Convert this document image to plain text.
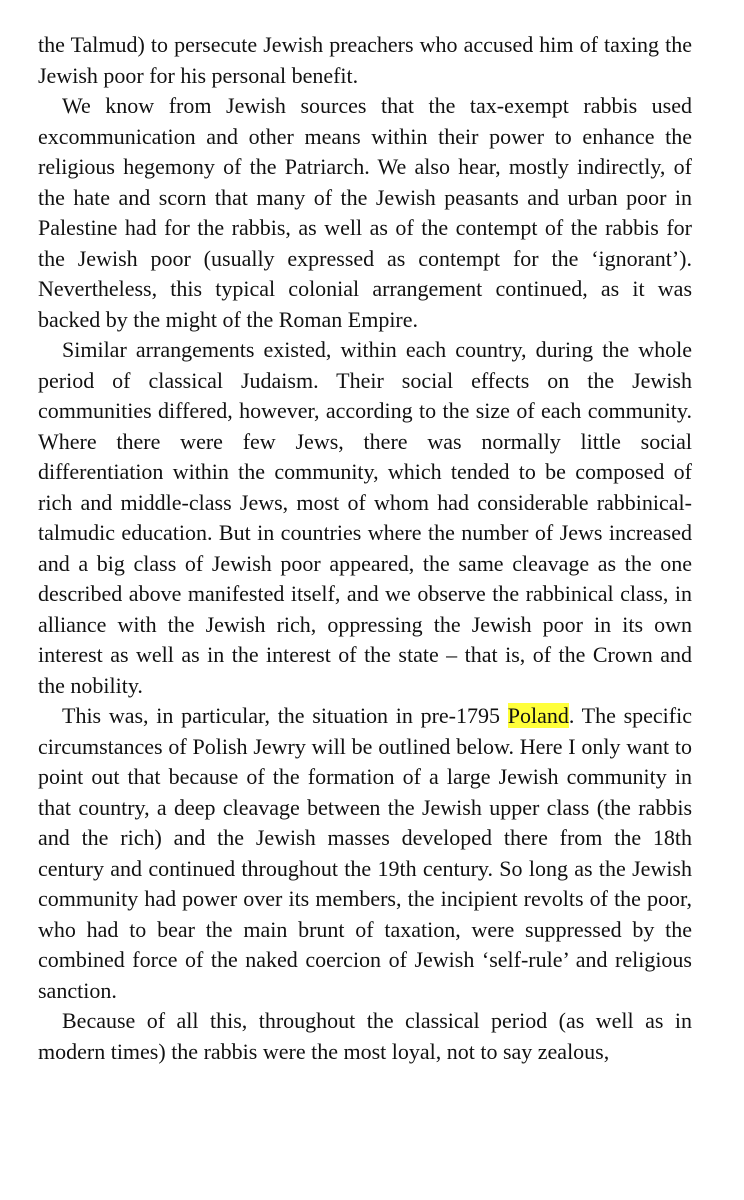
the Talmud) to persecute Jewish preachers who accused him of taxing the Jewish poor for his personal benefit.

We know from Jewish sources that the tax-exempt rabbis used excommunication and other means within their power to enhance the religious hegemony of the Patriarch. We also hear, mostly indirectly, of the hate and scorn that many of the Jewish peasants and urban poor in Palestine had for the rabbis, as well as of the contempt of the rabbis for the Jewish poor (usually expressed as contempt for the ‘ignorant’). Nevertheless, this typical colonial arrangement continued, as it was backed by the might of the Roman Empire.

Similar arrangements existed, within each country, during the whole period of classical Judaism. Their social effects on the Jewish communities differed, however, according to the size of each community. Where there were few Jews, there was normally little social differentiation within the community, which tended to be composed of rich and middle-class Jews, most of whom had considerable rabbinical-talmudic education. But in countries where the number of Jews increased and a big class of Jewish poor appeared, the same cleavage as the one described above manifested itself, and we observe the rabbinical class, in alliance with the Jewish rich, oppressing the Jewish poor in its own interest as well as in the interest of the state – that is, of the Crown and the nobility.

This was, in particular, the situation in pre-1795 Poland. The specific circumstances of Polish Jewry will be outlined below. Here I only want to point out that because of the formation of a large Jewish community in that country, a deep cleavage between the Jewish upper class (the rabbis and the rich) and the Jewish masses developed there from the 18th century and continued throughout the 19th century. So long as the Jewish community had power over its members, the incipient revolts of the poor, who had to bear the main brunt of taxation, were suppressed by the combined force of the naked coercion of Jewish ‘self-rule’ and religious sanction.

Because of all this, throughout the classical period (as well as in modern times) the rabbis were the most loyal, not to say zealous,
